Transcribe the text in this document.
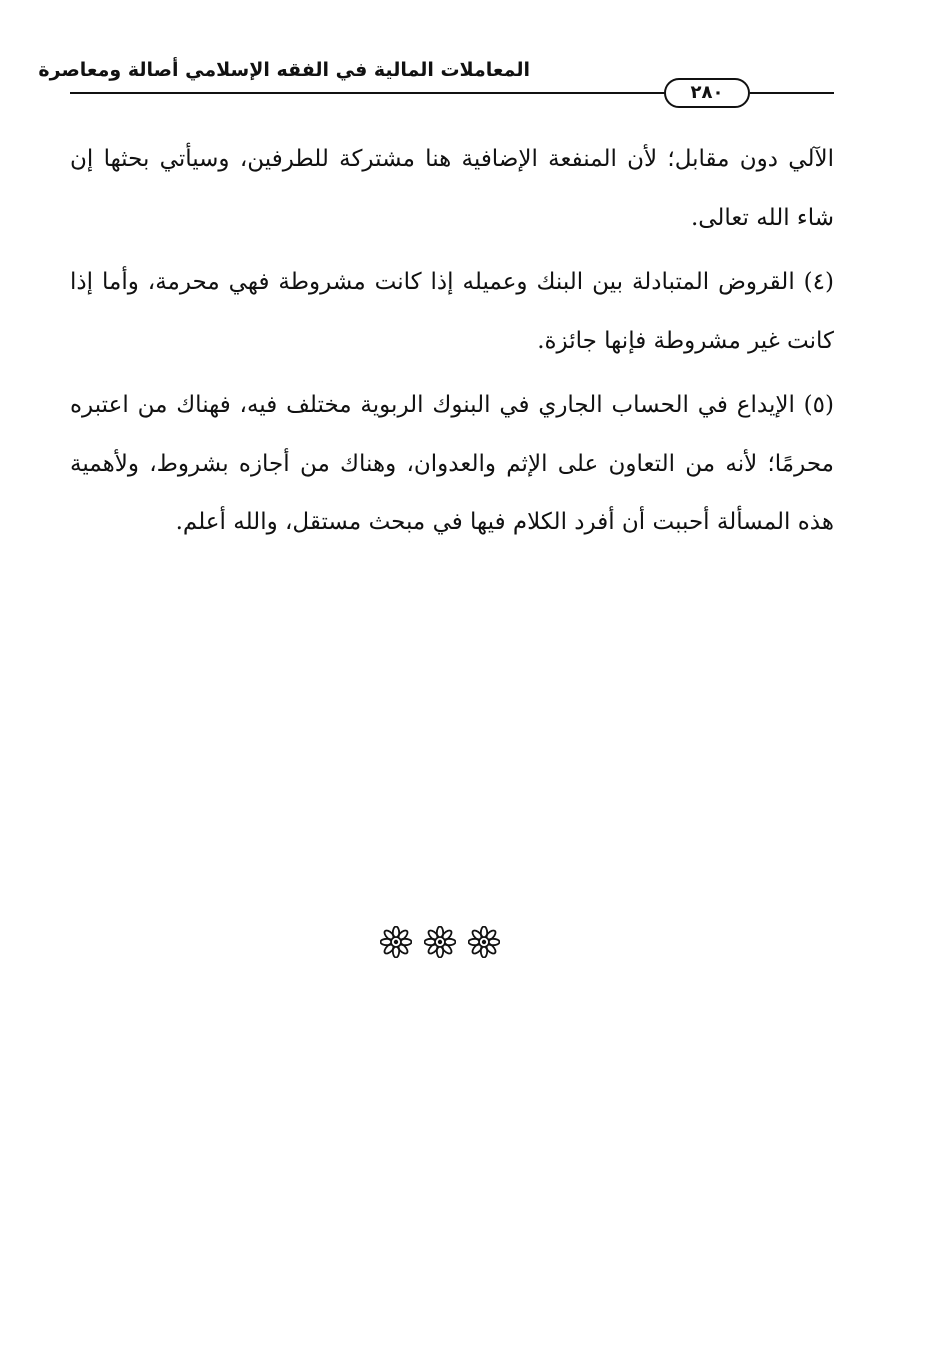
المعاملات المالية في الفقه الإسلامي أصالة ومعاصرة
٢٨٠

الآلي دون مقابل؛ لأن المنفعة الإضافية هنا مشتركة للطرفين، وسيأتي بحثها إن شاء الله تعالى.

(٤) القروض المتبادلة بين البنك وعميله إذا كانت مشروطة فهي محرمة، وأما إذا كانت غير مشروطة فإنها جائزة.

(٥) الإيداع في الحساب الجاري في البنوك الربوية مختلف فيه، فهناك من اعتبره محرمًا؛ لأنه من التعاون على الإثم والعدوان، وهناك من أجازه بشروط، ولأهمية هذه المسألة أحببت أن أفرد الكلام فيها في مبحث مستقل، والله أعلم.
